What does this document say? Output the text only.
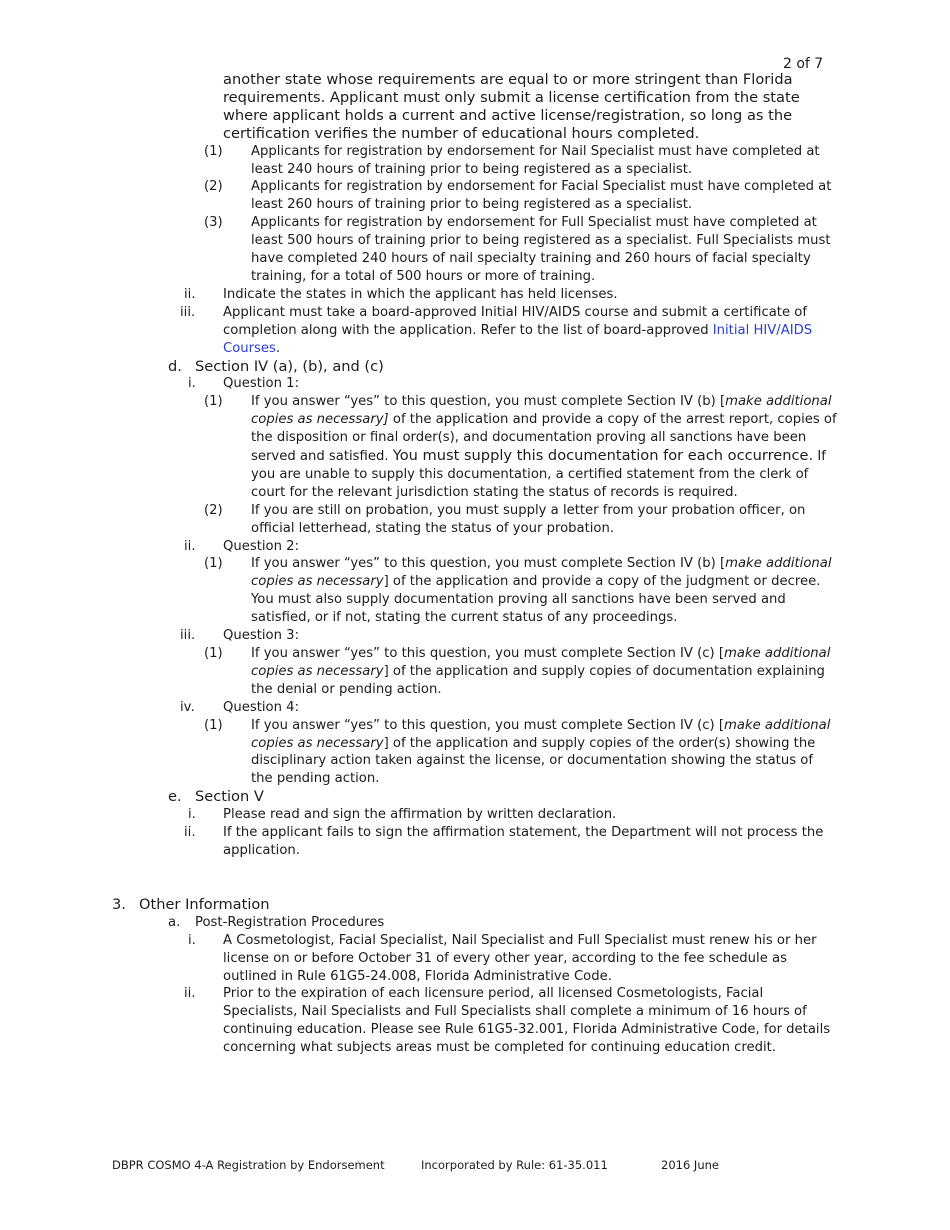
2 of 7
another state whose requirements are equal to or more stringent than Florida requirements. Applicant must only submit a license certification from the state where applicant holds a current and active license/registration, so long as the certification verifies the number of educational hours completed.
(1) Applicants for registration by endorsement for Nail Specialist must have completed at least 240 hours of training prior to being registered as a specialist.
(2) Applicants for registration by endorsement for Facial Specialist must have completed at least 260 hours of training prior to being registered as a specialist.
(3) Applicants for registration by endorsement for Full Specialist must have completed at least 500 hours of training prior to being registered as a specialist. Full Specialists must have completed 240 hours of nail specialty training and 260 hours of facial specialty training, for a total of 500 hours or more of training.
ii. Indicate the states in which the applicant has held licenses.
iii. Applicant must take a board-approved Initial HIV/AIDS course and submit a certificate of completion along with the application. Refer to the list of board-approved Initial HIV/AIDS Courses.
d. Section IV (a), (b), and (c)
i. Question 1:
(1) If you answer “yes” to this question, you must complete Section IV (b) [make additional copies as necessary] of the application and provide a copy of the arrest report, copies of the disposition or final order(s), and documentation proving all sanctions have been served and satisfied. You must supply this documentation for each occurrence. If you are unable to supply this documentation, a certified statement from the clerk of court for the relevant jurisdiction stating the status of records is required.
(2) If you are still on probation, you must supply a letter from your probation officer, on official letterhead, stating the status of your probation.
ii. Question 2:
(1) If you answer “yes” to this question, you must complete Section IV (b) [make additional copies as necessary] of the application and provide a copy of the judgment or decree. You must also supply documentation proving all sanctions have been served and satisfied, or if not, stating the current status of any proceedings.
iii. Question 3:
(1) If you answer “yes” to this question, you must complete Section IV (c) [make additional copies as necessary] of the application and supply copies of documentation explaining the denial or pending action.
iv. Question 4:
(1) If you answer “yes” to this question, you must complete Section IV (c) [make additional copies as necessary] of the application and supply copies of the order(s) showing the disciplinary action taken against the license, or documentation showing the status of the pending action.
e. Section V
i. Please read and sign the affirmation by written declaration.
ii. If the applicant fails to sign the affirmation statement, the Department will not process the application.
3. Other Information
a. Post-Registration Procedures
i. A Cosmetologist, Facial Specialist, Nail Specialist and Full Specialist must renew his or her license on or before October 31 of every other year, according to the fee schedule as outlined in Rule 61G5-24.008, Florida Administrative Code.
ii. Prior to the expiration of each licensure period, all licensed Cosmetologists, Facial Specialists, Nail Specialists and Full Specialists shall complete a minimum of 16 hours of continuing education. Please see Rule 61G5-32.001, Florida Administrative Code, for details concerning what subjects areas must be completed for continuing education credit.
DBPR COSMO 4-A Registration by Endorsement	Incorporated by Rule: 61-35.011	2016 June
